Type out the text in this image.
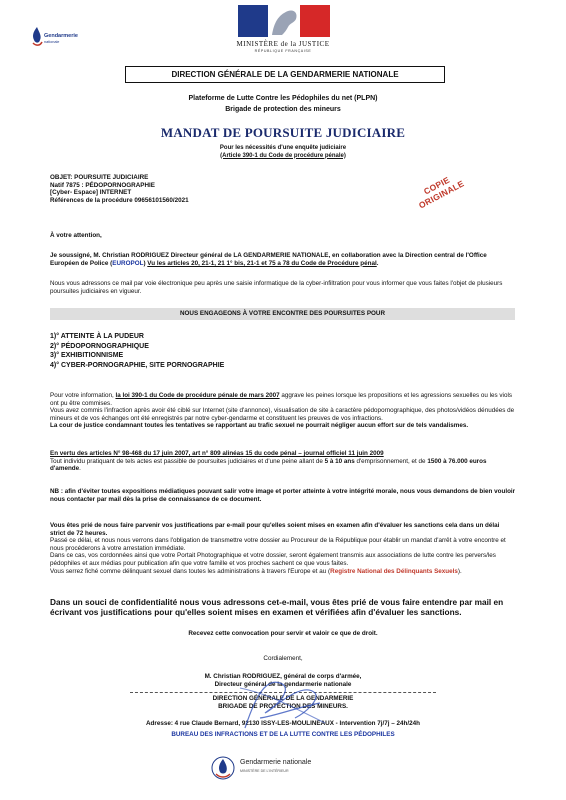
Gendarmerie
nationale	MINISTÈRE de la JUSTICE
RÉPUBLIQUE FRANÇAISE
DIRECTION GÉNÉRALE DE LA GENDARMERIE NATIONALE
Plateforme de Lutte Contre les Pédophiles du net (PLPN)
Brigade de protection des mineurs
MANDAT DE POURSUITE JUDICIAIRE
Pour les nécessités d'une enquête judiciaire
(Article 390-1 du Code de procédure pénale)
OBJET: POURSUITE JUDICIAIRE
Natif 7875 : PÉDOPORNOGRAPHIE
[Cyber- Espace] INTERNET
Références de la procédure 09656101560/2021
COPIE ORIGINALE
À votre attention,
Je soussigné, M. Christian RODRIGUEZ Directeur général de LA GENDARMERIE NATIONALE, en collaboration avec la Direction central de l'Office Européen de Police (EUROPOL) Vu les articles 20, 21-1, 21 1° bis, 21-1 et 75 a 78 du Code de Procédure pénal.
Nous vous adressons ce mail par voie électronique peu après une saisie informatique de la cyber-infiltration pour vous informer que vous faites l'objet de plusieurs poursuites judiciaires en vigueur.
NOUS ENGAGEONS À VOTRE ENCONTRE DES POURSUITES POUR
1)° ATTEINTE À LA PUDEUR
2)° PÉDOPORNOGRAPHIQUE
3)° EXHIBITIONNISME
4)° CYBER-PORNOGRAPHIE, SITE PORNOGRAPHIE
Pour votre information, la loi 390-1 du Code de procédure pénale de mars 2007 aggrave les peines lorsque les propositions et les agressions sexuelles ou les viols ont pu être commises.
Vous avez commis l'infraction après avoir été ciblé sur Internet (site d'annonce), visualisation de site à caractère pédopornographique, des photos/vidéos dénudées de mineurs et de vos échanges ont été enregistrés par notre cyber-gendarme et constituent les preuves de vos infractions.
La cour de justice condamnant toutes les tentatives se rapportant au trafic sexuel ne pourrait négliger aucun effort sur de tels vandalismes.
En vertu des articles N° 98-468 du 17 juin 2007, art n° 809 alinéas 15 du code pénal – journal officiel 11 juin 2009
Tout individu pratiquant de tels actes est passible de poursuites judiciaires et d'une peine allant de 5 à 10 ans d'emprisonnement, et de 1500 à 76.000 euros d'amende.
NB : afin d'éviter toutes expositions médiatiques pouvant salir votre image et porter atteinte à votre intégrité morale, nous vous demandons de bien vouloir nous contacter par mail dès la prise de connaissance de ce document.
Vous êtes prié de nous faire parvenir vos justifications par e-mail pour qu'elles soient mises en examen afin d'évaluer les sanctions cela dans un délai strict de 72 heures.
Passé ce délai, et nous nous verrons dans l'obligation de transmettre votre dossier au Procureur de la République pour établir un mandat d'arrêt à votre encontre et nous procéderons à votre arrestation immédiate.
Dans ce cas, vos cordonnées ainsi que votre Portait Photographique et votre dossier, seront également transmis aux associations de lutte contre les pervers/les pédophiles et aux médias pour publication afin que votre famille et vos proches sachent ce que vous faites.
Vous serrez fiché comme délinquant sexuel dans toutes les administrations à travers l'Europe et au (Registre National des Délinquants Sexuels).
Dans un souci de confidentialité nous vous adressons cet-e-mail, vous êtes prié de vous faire entendre par mail en écrivant vos justifications pour qu'elles soient mises en examen et vérifiées afin d'évaluer les sanctions.
Recevez cette convocation pour servir et valoir ce que de droit.
Cordialement,
M. Christian RODRIGUEZ, général de corps d'armée,
Directeur général de la gendarmerie nationale
DIRECTION GÉNÉRALE DE LA GENDARMERIE
BRIGADE DE PROTECTION DES MINEURS.
Adresse: 4 rue Claude Bernard, 92130 ISSY-LES-MOULINEAUX - Intervention 7j/7j – 24h/24h
BUREAU DES INFRACTIONS ET DE LA LUTTE CONTRE LES PÉDOPHILES
Gendarmerie nationale
MINISTÈRE DE L'INTÉRIEUR
